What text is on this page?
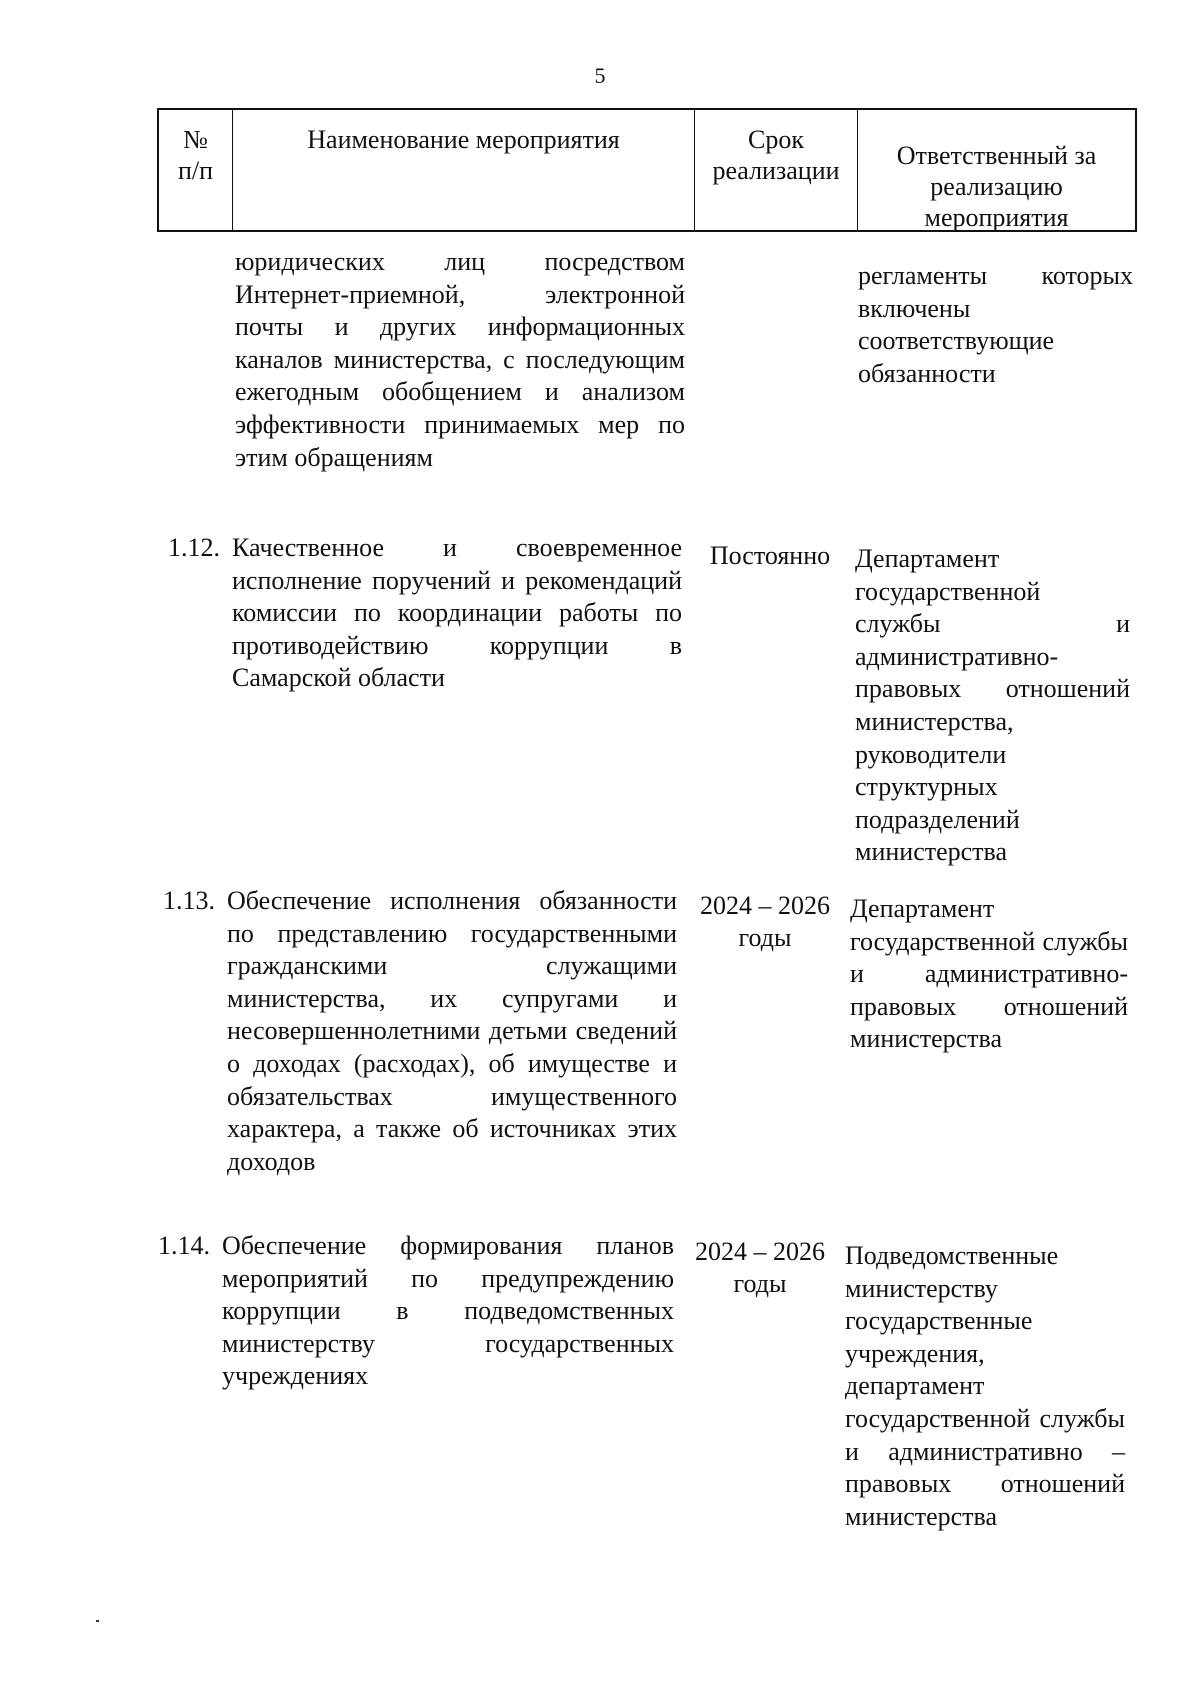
5
№
п/п
Наименование мероприятия	Срок реализации
Ответственный за реализацию мероприятия
юридических лиц посредством Интернет-приемной, электронной почты и других информационных каналов министерства, с последующим ежегодным обобщением и анализом эффективности принимаемых мер по этим обращениям
регламенты которых включены соответствующие обязанности
1.12. Качественное и своевременное исполнение поручений и рекомендаций комиссии по координации работы по противодействию коррупции в Самарской области
Постоянно Департамент государственной службы и административно-правовых отношений министерства, руководители структурных подразделений министерства
1.13. Обеспечение исполнения обязанности по представлению государственными гражданскими служащими министерства, их супругами и несовершеннолетними детьми сведений о доходах (расходах), об имуществе и обязательствах имущественного характера, а также об источниках этих доходов
2024 – 2026 годы
Департамент государственной службы и административно-правовых отношений министерства
1.14. Обеспечение формирования планов мероприятий по предупреждению коррупции в подведомственных министерству государственных учреждениях
2024 – 2026 годы
Подведомственные министерству государственные учреждения, департамент государственной службы и административно – правовых отношений министерства
